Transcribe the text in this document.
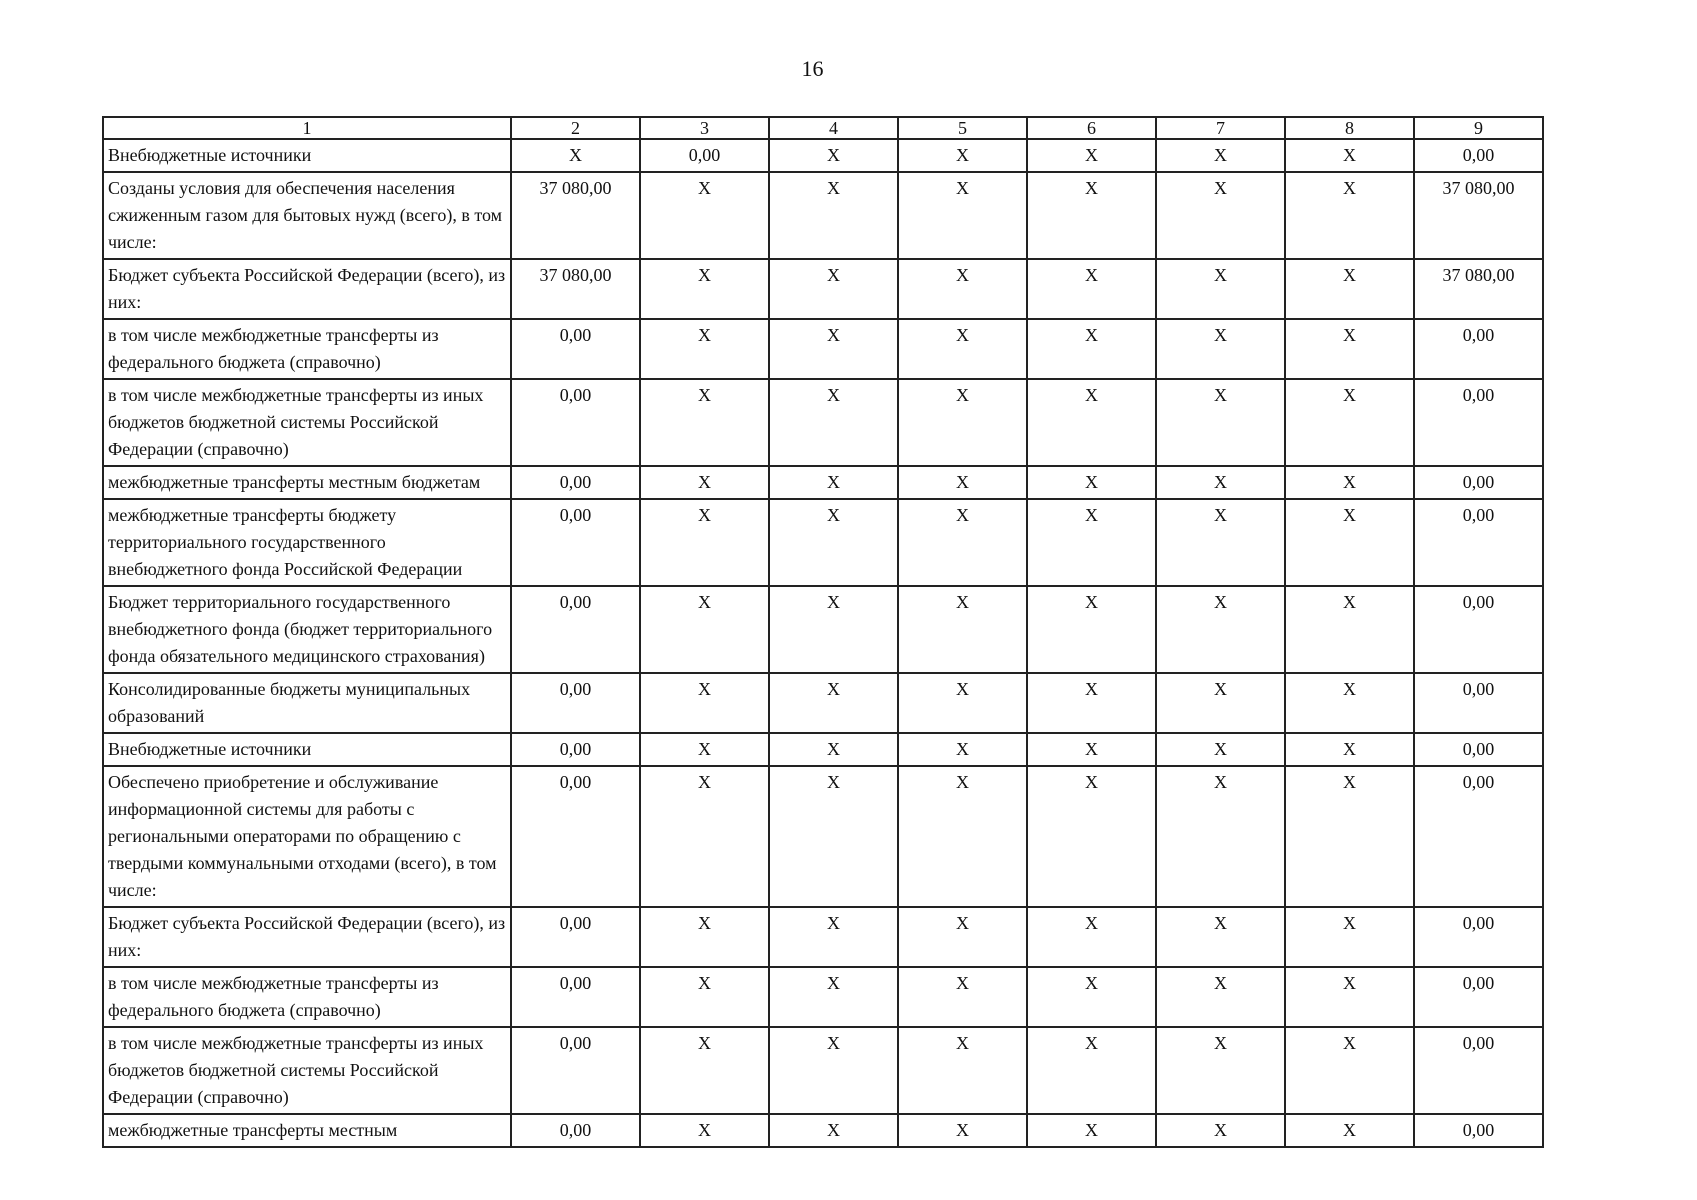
16
1	2	3	4	5	6	7	8	9
Внебюджетные источники	X	0,00	X	X	X	X	X	0,00
Созданы условия для обеспечения населения сжиженным газом для бытовых нужд (всего), в том числе:	37 080,00	X	X	X	X	X	X	37 080,00
Бюджет субъекта Российской Федерации (всего), из них:	37 080,00	X	X	X	X	X	X	37 080,00
в том числе межбюджетные трансферты из федерального бюджета (справочно)	0,00	X	X	X	X	X	X	0,00
в том числе межбюджетные трансферты из иных бюджетов бюджетной системы Российской Федерации (справочно)	0,00	X	X	X	X	X	X	0,00
межбюджетные трансферты местным бюджетам	0,00	X	X	X	X	X	X	0,00
межбюджетные трансферты бюджету территориального государственного внебюджетного фонда Российской Федерации	0,00	X	X	X	X	X	X	0,00
Бюджет территориального государственного внебюджетного фонда (бюджет территориального фонда обязательного медицинского страхования)	0,00	X	X	X	X	X	X	0,00
Консолидированные бюджеты муниципальных образований	0,00	X	X	X	X	X	X	0,00
Внебюджетные источники	0,00	X	X	X	X	X	X	0,00
Обеспечено приобретение и обслуживание информационной системы для работы с региональными операторами по обращению с твердыми коммунальными отходами (всего), в том числе:	0,00	X	X	X	X	X	X	0,00
Бюджет субъекта Российской Федерации (всего), из них:	0,00	X	X	X	X	X	X	0,00
в том числе межбюджетные трансферты из федерального бюджета (справочно)	0,00	X	X	X	X	X	X	0,00
в том числе межбюджетные трансферты из иных бюджетов бюджетной системы Российской Федерации (справочно)	0,00	X	X	X	X	X	X	0,00
межбюджетные трансферты местным	0,00	X	X	X	X	X	X	0,00
